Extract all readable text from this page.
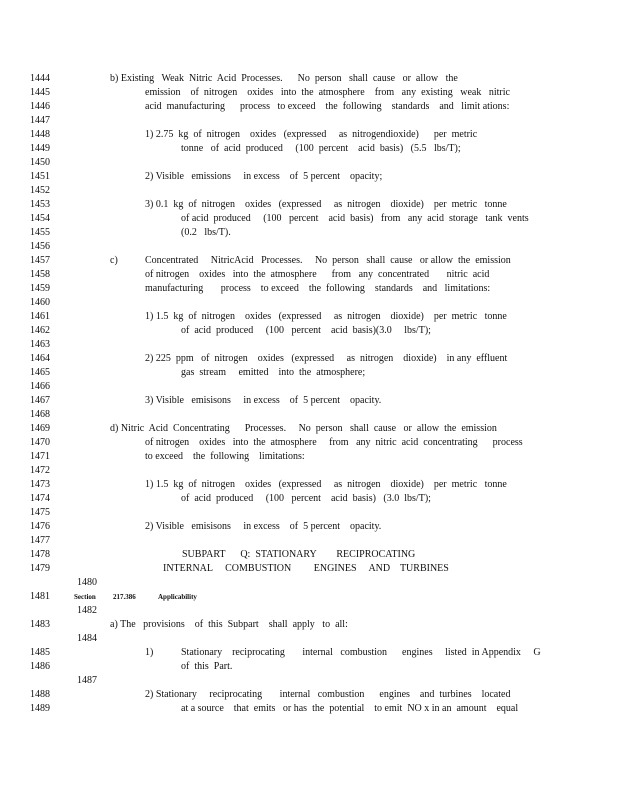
1444
1445
1446
1447
1448
1449
1450
1451
1452
1453
1454
1455
1456
1457
1458
1459
1460
1461
1462
1463
1464
1465
1466
1467
1468
1469
1470
1471
1472
1473
1474
1475
1476
1477
1478
1479
1480
1481
1482
1483
1484
1485
1486
1487
1488
1489
b) Existing   Weak  Nitric  Acid  Processes.      No  person   shall  cause   or  allow   the
emission    of  nitrogen    oxides   into  the  atmosphere    from   any  existing   weak   nitric
acid  manufacturing      process   to exceed    the  following    standards    and   limit ations:
1) 2.75  kg  of  nitrogen    oxides   (expressed     as  nitrogendioxide)      per  metric
tonne   of  acid  produced     (100  percent    acid  basis)   (5.5   lbs/T);
2) Visible   emissions     in excess    of  5 percent    opacity;
3) 0.1  kg  of  nitrogen    oxides   (expressed     as  nitrogen    dioxide)    per  metric   tonne
of acid  produced     (100   percent    acid  basis)   from   any  acid  storage   tank  vents
(0.2   lbs/T).
c)	Concentrated     NitricAcid   Processes.     No  person   shall  cause   or allow  the  emission
of nitrogen    oxides   into  the  atmosphere      from   any  concentrated       nitric  acid
manufacturing       process    to exceed    the  following    standards    and   limitations:
1) 1.5  kg  of  nitrogen    oxides   (expressed     as  nitrogen    dioxide)    per  metric   tonne
of  acid  produced     (100   percent    acid  basis)(3.0     lbs/T);
2) 225  ppm   of  nitrogen    oxides   (expressed     as  nitrogen    dioxide)    in any  effluent
gas  stream     emitted    into  the  atmosphere;
3) Visible   emisisons     in excess    of  5 percent    opacity.
d) Nitric  Acid  Concentrating      Processes.     No  person   shall  cause   or  allow  the  emission
of nitrogen    oxides   into  the  atmosphere     from   any  nitric  acid  concentrating      process
to exceed    the  following    limitations:
1) 1.5  kg  of  nitrogen    oxides   (expressed     as  nitrogen    dioxide)    per  metric   tonne
of  acid  produced     (100   percent    acid  basis)   (3.0  lbs/T);
2) Visible   emisisons     in excess    of  5 percent    opacity.
SUBPART      Q:  STATIONARY        RECIPROCATING
INTERNAL     COMBUSTION         ENGINES     AND    TURBINES
Section 217.386	Applicability
a) The   provisions    of  this  Subpart    shall  apply   to  all:
1)	Stationary    reciprocating       internal   combustion      engines     listed  in Appendix     G
of  this  Part.
2) Stationary     reciprocating       internal   combustion      engines    and  turbines    located
at a source    that  emits   or has  the  potential    to emit  NO x in an  amount    equal
